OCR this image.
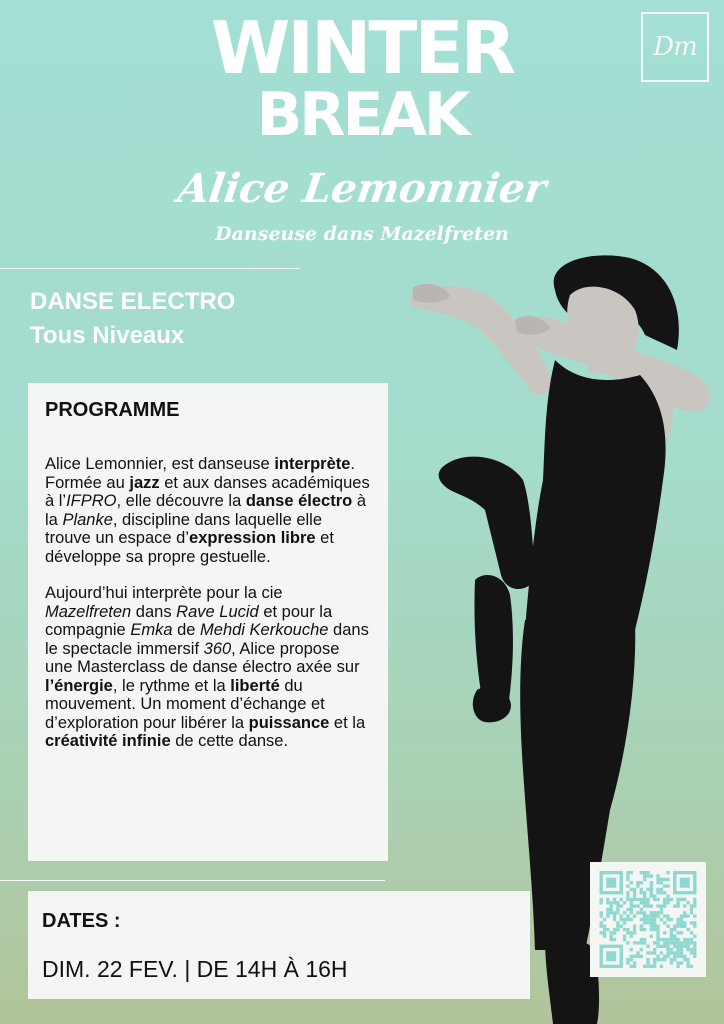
Dm
WINTER
BREAK
Alice Lemonnier
Danseuse dans Mazelfreten
DANSE ELECTRO
Tous Niveaux
PROGRAMME

Alice Lemonnier, est danseuse interprète. Formée au jazz et aux danses académiques à l’IFPRO, elle découvre la danse électro à la Planke, discipline dans laquelle elle trouve un espace d’expression libre et développe sa propre gestuelle.

Aujourd’hui interprète pour la cie Mazelfreten dans Rave Lucid et pour la compagnie Emka de Mehdi Kerkouche dans le spectacle immersif 360, Alice propose une Masterclass de danse électro axée sur l’énergie, le rythme et la liberté du mouvement. Un moment d’échange et d’exploration pour libérer la puissance et la créativité infinie de cette danse.

DATES :
DIM. 22 FEV. | DE 14H À 16H
